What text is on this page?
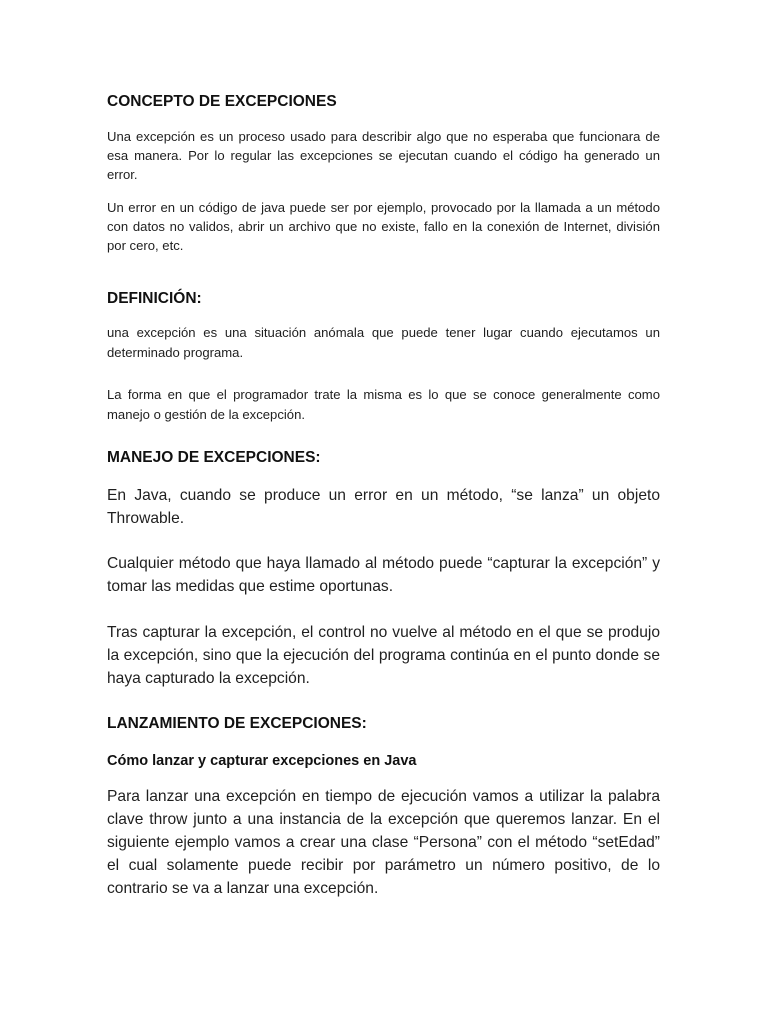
CONCEPTO DE EXCEPCIONES

Una excepción es un proceso usado para describir algo que no esperaba que funcionara de esa manera. Por lo regular las excepciones se ejecutan cuando el código ha generado un error.

Un error en un código de java puede ser por ejemplo, provocado por la llamada a un método con datos no validos, abrir un archivo que no existe, fallo en la conexión de Internet, división por cero, etc.

DEFINICIÓN:

una excepción es una situación anómala que puede tener lugar cuando ejecutamos un determinado programa.

La forma en que el programador trate la misma es lo que se conoce generalmente como manejo o gestión de la excepción.

MANEJO DE EXCEPCIONES:

En Java, cuando se produce un error en un método, “se lanza” un objeto Throwable.

Cualquier método que haya llamado al método puede “capturar la excepción” y tomar las medidas que estime oportunas.

Tras capturar la excepción, el control no vuelve al método en el que se produjo la excepción, sino que la ejecución del programa continúa en el punto donde se haya capturado la excepción.

LANZAMIENTO DE EXCEPCIONES:
Cómo lanzar y capturar excepciones en Java

Para lanzar una excepción en tiempo de ejecución vamos a utilizar la palabra clave throw junto a una instancia de la excepción que queremos lanzar. En el siguiente ejemplo vamos a crear una clase “Persona” con el método “setEdad” el cual solamente puede recibir por parámetro un número positivo, de lo contrario se va a lanzar una excepción.
